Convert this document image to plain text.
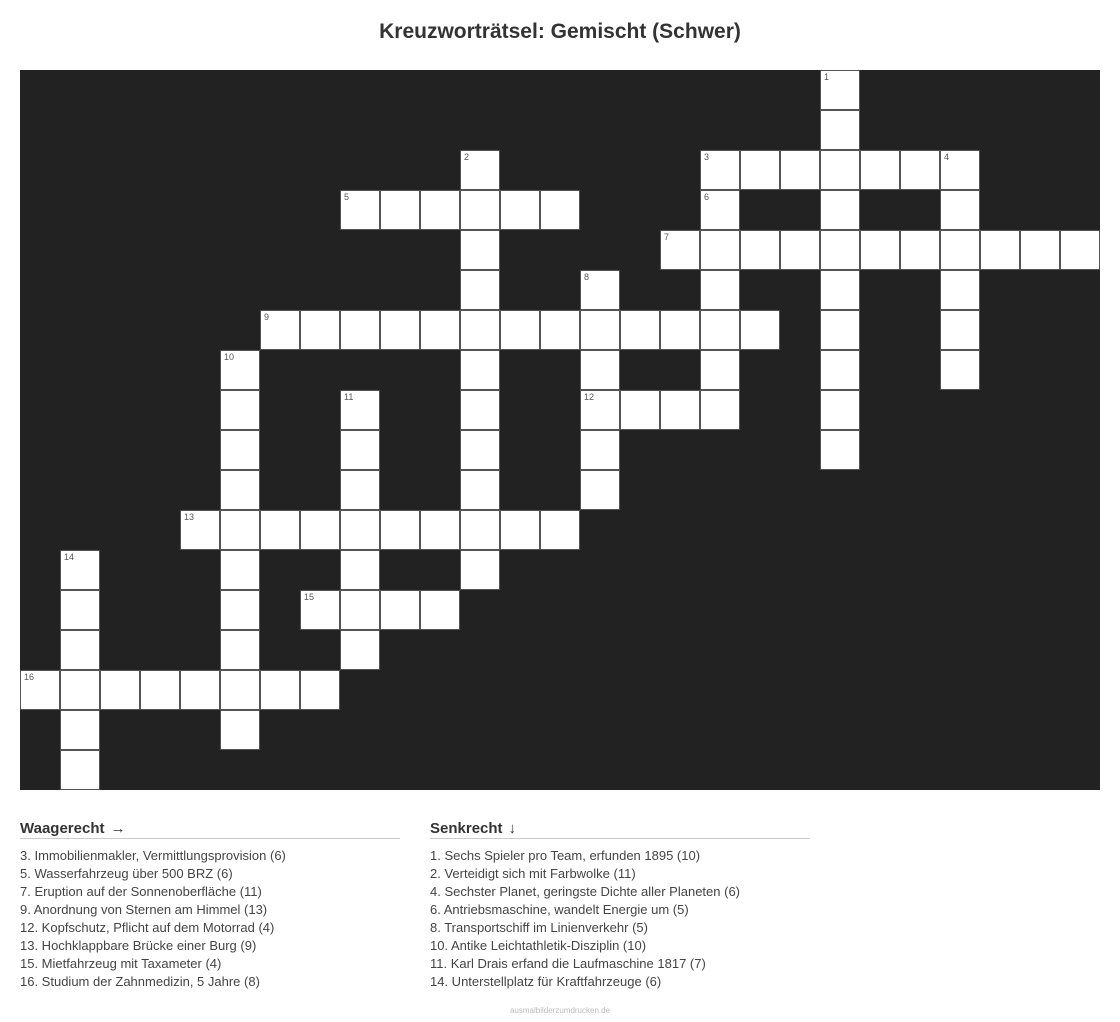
Kreuzworträtsel: Gemischt (Schwer)
3	4
5
7
9
12
13
15
16
1
2
6
8
10
11
14
Waagerecht →
3. Immobilienmakler, Vermittlungsprovision (6)
5. Wasserfahrzeug über 500 BRZ (6)
7. Eruption auf der Sonnenoberfläche (11)
9. Anordnung von Sternen am Himmel (13)
12. Kopfschutz, Pflicht auf dem Motorrad (4)
13. Hochklappbare Brücke einer Burg (9)
15. Mietfahrzeug mit Taxameter (4)
16. Studium der Zahnmedizin, 5 Jahre (8)
Senkrecht ↓
1. Sechs Spieler pro Team, erfunden 1895 (10)
2. Verteidigt sich mit Farbwolke (11)
4. Sechster Planet, geringste Dichte aller Planeten (6)
6. Antriebsmaschine, wandelt Energie um (5)
8. Transportschiff im Linienverkehr (5)
10. Antike Leichtathletik-Disziplin (10)
11. Karl Drais erfand die Laufmaschine 1817 (7)
14. Unterstellplatz für Kraftfahrzeuge (6)
ausmalbilderzumdrucken.de
